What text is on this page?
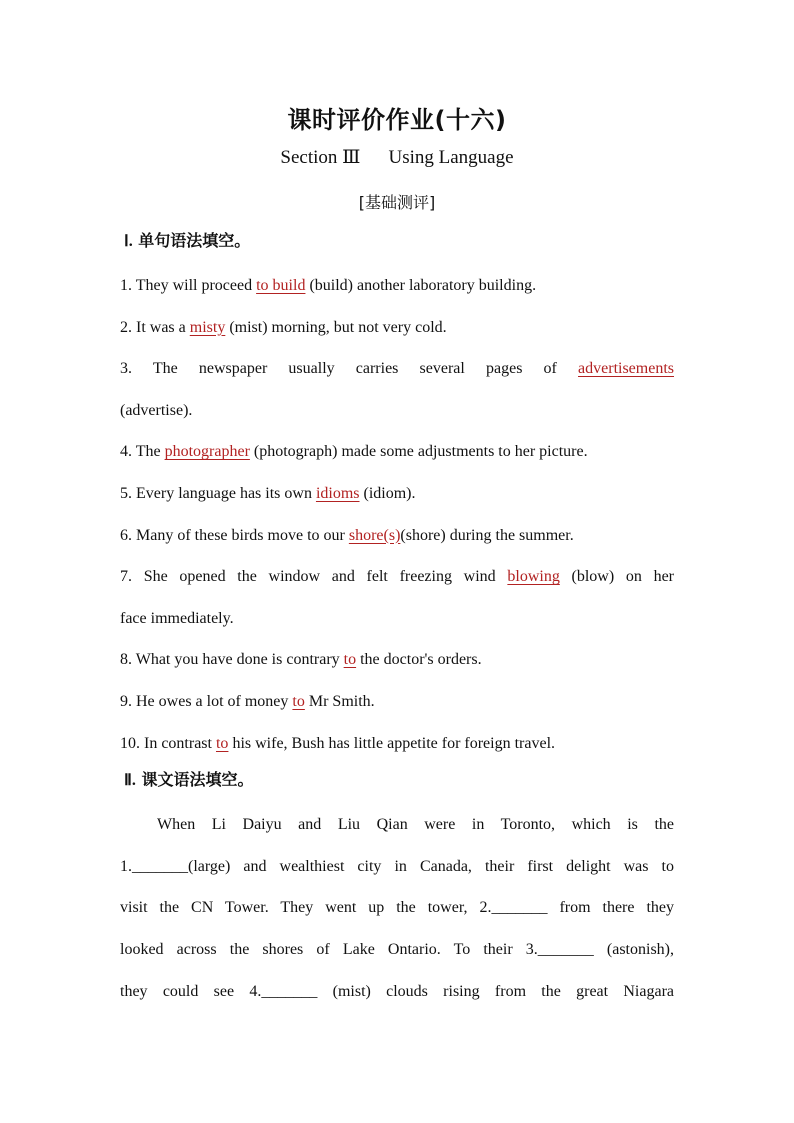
课时评价作业(十六)
Section Ⅲ Using Language
[基础测评]
Ⅰ. 单句语法填空。
1. They will proceed to build (build) another laboratory building.
2. It was a misty (mist) morning, but not very cold.
3. The newspaper usually carries several pages of advertisements
(advertise).
4. The photographer (photograph) made some adjustments to her picture.
5. Every language has its own idioms (idiom).
6. Many of these birds move to our shore(s)(shore) during the summer.
7. She opened the window and felt freezing wind blowing (blow) on her
face immediately.
8. What you have done is contrary to the doctor's orders.
9. He owes a lot of money to Mr Smith.
10. In contrast to his wife, Bush has little appetite for foreign travel.
Ⅱ. 课文语法填空。
When Li Daiyu and Liu Qian were in Toronto, which is the
1._______(large) and wealthiest city in Canada, their first delight was to
visit the CN Tower. They went up the tower, 2._______ from there they
looked across the shores of Lake Ontario. To their 3._______ (astonish),
they could see 4._______ (mist) clouds rising from the great Niagara
